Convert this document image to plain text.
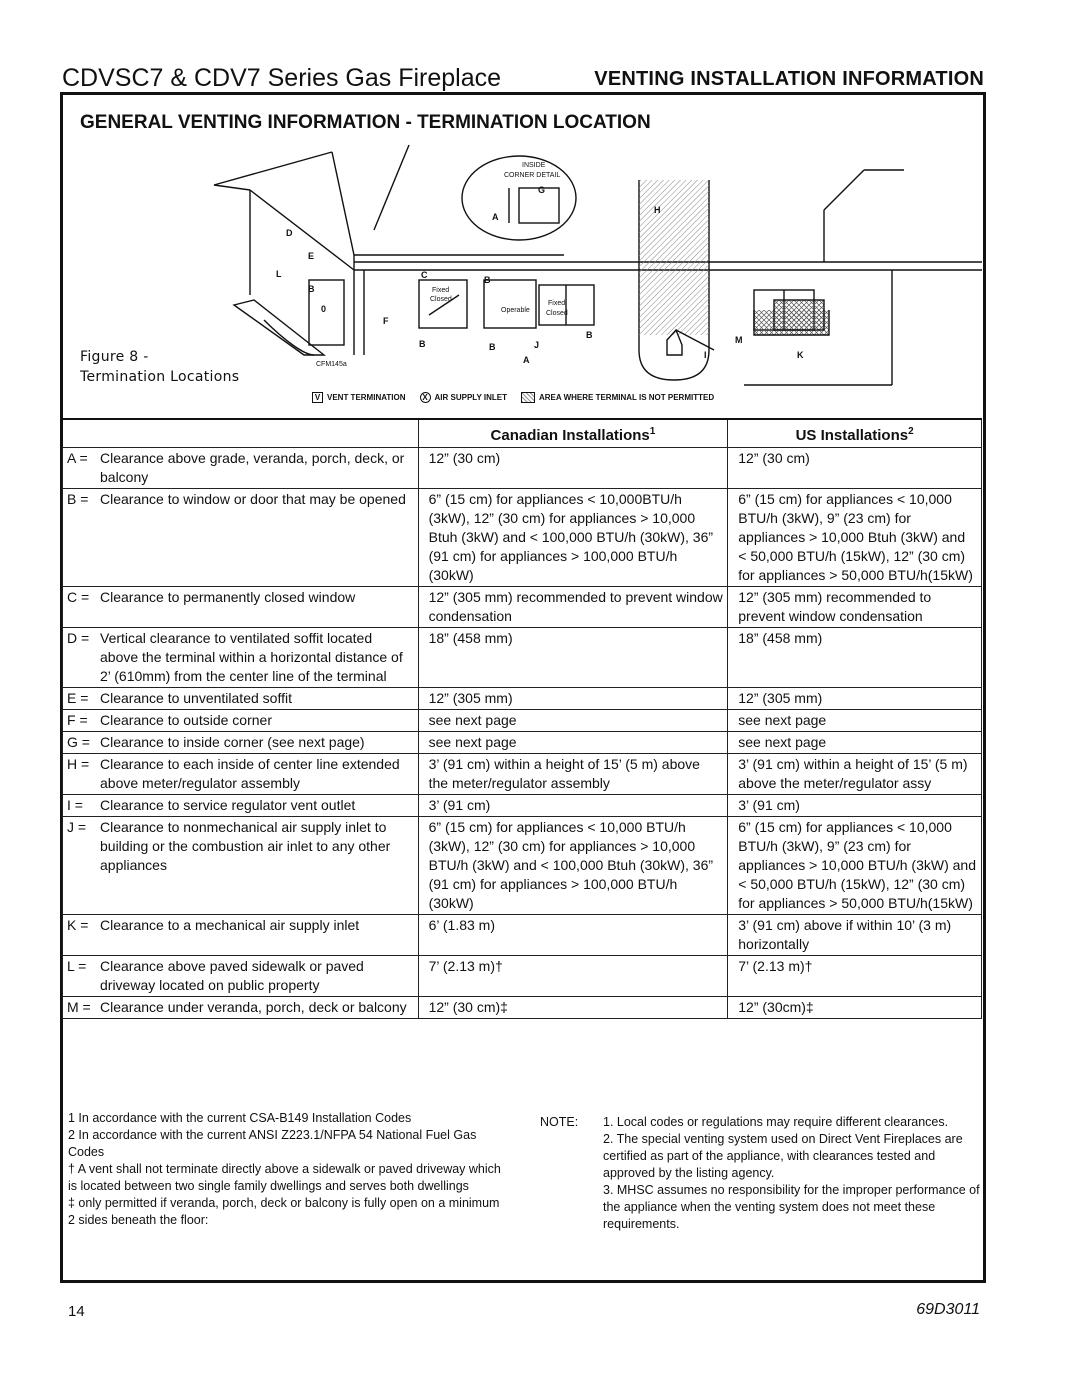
CDVSC7 & CDV7 Series Gas Fireplace	VENTING INSTALLATION INFORMATION
GENERAL VENTING INFORMATION - TERMINATION LOCATION
D
E
L
B
0
C
F
B
J
A
H
I
M
K
G
A
B	B
B
INSIDE
CORNER DETAIL
Fixed
Closed
Operable
Fixed
Closed
CFM145a
Figure 8 -
Termination Locations
V VENT TERMINATION	X AIR SUPPLY INLET	AREA WHERE TERMINAL IS NOT PERMITTED
	Canadian Installations$^1$	US Installations$^2$

A = Clearance above grade, veranda, porch, deck, or balcony	12” (30 cm)	12” (30 cm)

B = Clearance to window or door that may be opened	6” (15 cm) for appliances < 10,000BTU/h (3kW), 12” (30 cm) for appliances > 10,000 Btuh (3kW) and < 100,000 BTU/h (30kW), 36” (91 cm) for appliances > 100,000 BTU/h (30kW)	6” (15 cm) for appliances < 10,000 BTU/h (3kW), 9” (23 cm) for appliances > 10,000 Btuh (3kW) and < 50,000 BTU/h (15kW), 12” (30 cm) for appliances > 50,000 BTU/h(15kW)

C = Clearance to permanently closed window	12” (305 mm) recommended to prevent window condensation	12” (305 mm) recommended to prevent window condensation

D = Vertical clearance to ventilated soffit located above the terminal within a horizontal distance of 2’ (610mm) from the center line of the terminal	18” (458 mm)	18” (458 mm)

E = Clearance to unventilated soffit	12” (305 mm)	12” (305 mm)

F = Clearance to outside corner	see next page	see next page

G = Clearance to inside corner (see next page)	see next page	see next page

H = Clearance to each inside of center line extended above meter/regulator assembly	3’ (91 cm) within a height of 15’ (5 m) above the meter/regulator assembly	3’ (91 cm) within a height of 15’ (5 m) above the meter/regulator assy

I = Clearance to service regulator vent outlet	3’ (91 cm)	3’ (91 cm)

J = Clearance to nonmechanical air supply inlet to building or the combustion air inlet to any other appliances	6” (15 cm) for appliances < 10,000 BTU/h (3kW), 12” (30 cm) for appliances > 10,000 BTU/h (3kW) and < 100,000 Btuh (30kW), 36” (91 cm) for appliances > 100,000 BTU/h (30kW)	6” (15 cm) for appliances < 10,000 BTU/h (3kW), 9” (23 cm) for appliances > 10,000 BTU/h (3kW) and < 50,000 BTU/h (15kW), 12” (30 cm) for appliances > 50,000 BTU/h(15kW)

K = Clearance to a mechanical air supply inlet	6’ (1.83 m)	3’ (91 cm) above if within 10’ (3 m) horizontally

L = Clearance above paved sidewalk or paved driveway located on public property	7’ (2.13 m)†	7’ (2.13 m)†

M = Clearance under veranda, porch, deck or balcony	12” (30 cm)‡	12” (30cm)‡
1 In accordance with the current CSA-B149 Installation Codes
2 In accordance with the current ANSI Z223.1/NFPA 54 National Fuel Gas Codes
† A vent shall not terminate directly above a sidewalk or paved driveway which is located between two single family dwellings and serves both dwellings
‡ only permitted if veranda, porch, deck or balcony is fully open on a minimum 2 sides beneath the floor:
NOTE:	1. Local codes or regulations may require different clearances.
2. The special venting system used on Direct Vent Fireplaces are certified as part of the appliance, with clearances tested and approved by the listing agency.
3. MHSC assumes no responsibility for the improper performance of the appliance when the venting system does not meet these requirements.
14	69D3011
